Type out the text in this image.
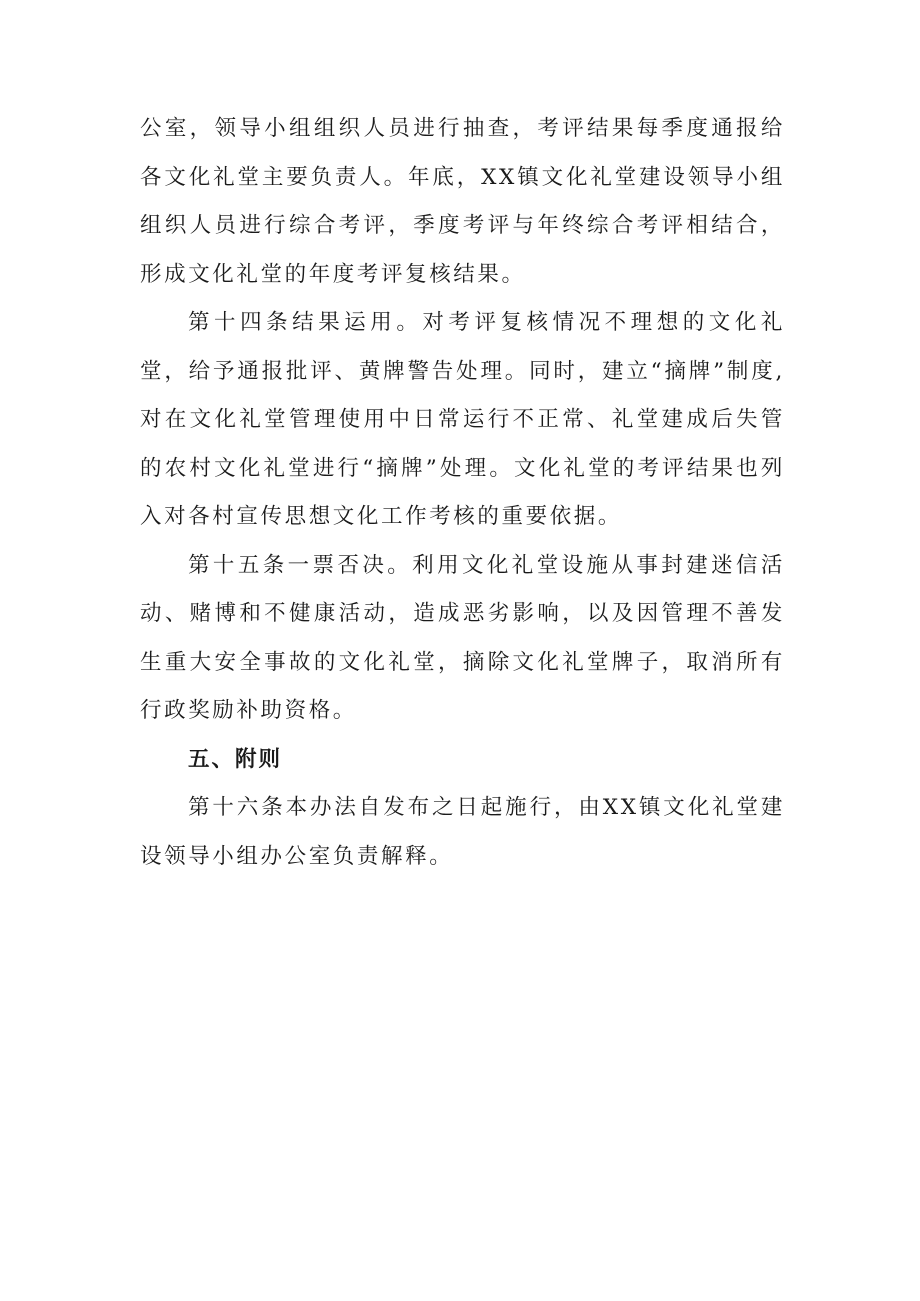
公室，领导小组组织人员进行抽查，考评结果每季度通报给各文化礼堂主要负责人。年底，XX镇文化礼堂建设领导小组组织人员进行综合考评，季度考评与年终综合考评相结合，形成文化礼堂的年度考评复核结果。

第十四条结果运用。对考评复核情况不理想的文化礼堂，给予通报批评、黄牌警告处理。同时，建立“摘牌”制度,对在文化礼堂管理使用中日常运行不正常、礼堂建成后失管的农村文化礼堂进行“摘牌”处理。文化礼堂的考评结果也列入对各村宣传思想文化工作考核的重要依据。

第十五条一票否决。利用文化礼堂设施从事封建迷信活动、赌博和不健康活动，造成恶劣影响，以及因管理不善发生重大安全事故的文化礼堂，摘除文化礼堂牌子，取消所有行政奖励补助资格。

五、附则

第十六条本办法自发布之日起施行，由XX镇文化礼堂建设领导小组办公室负责解释。
